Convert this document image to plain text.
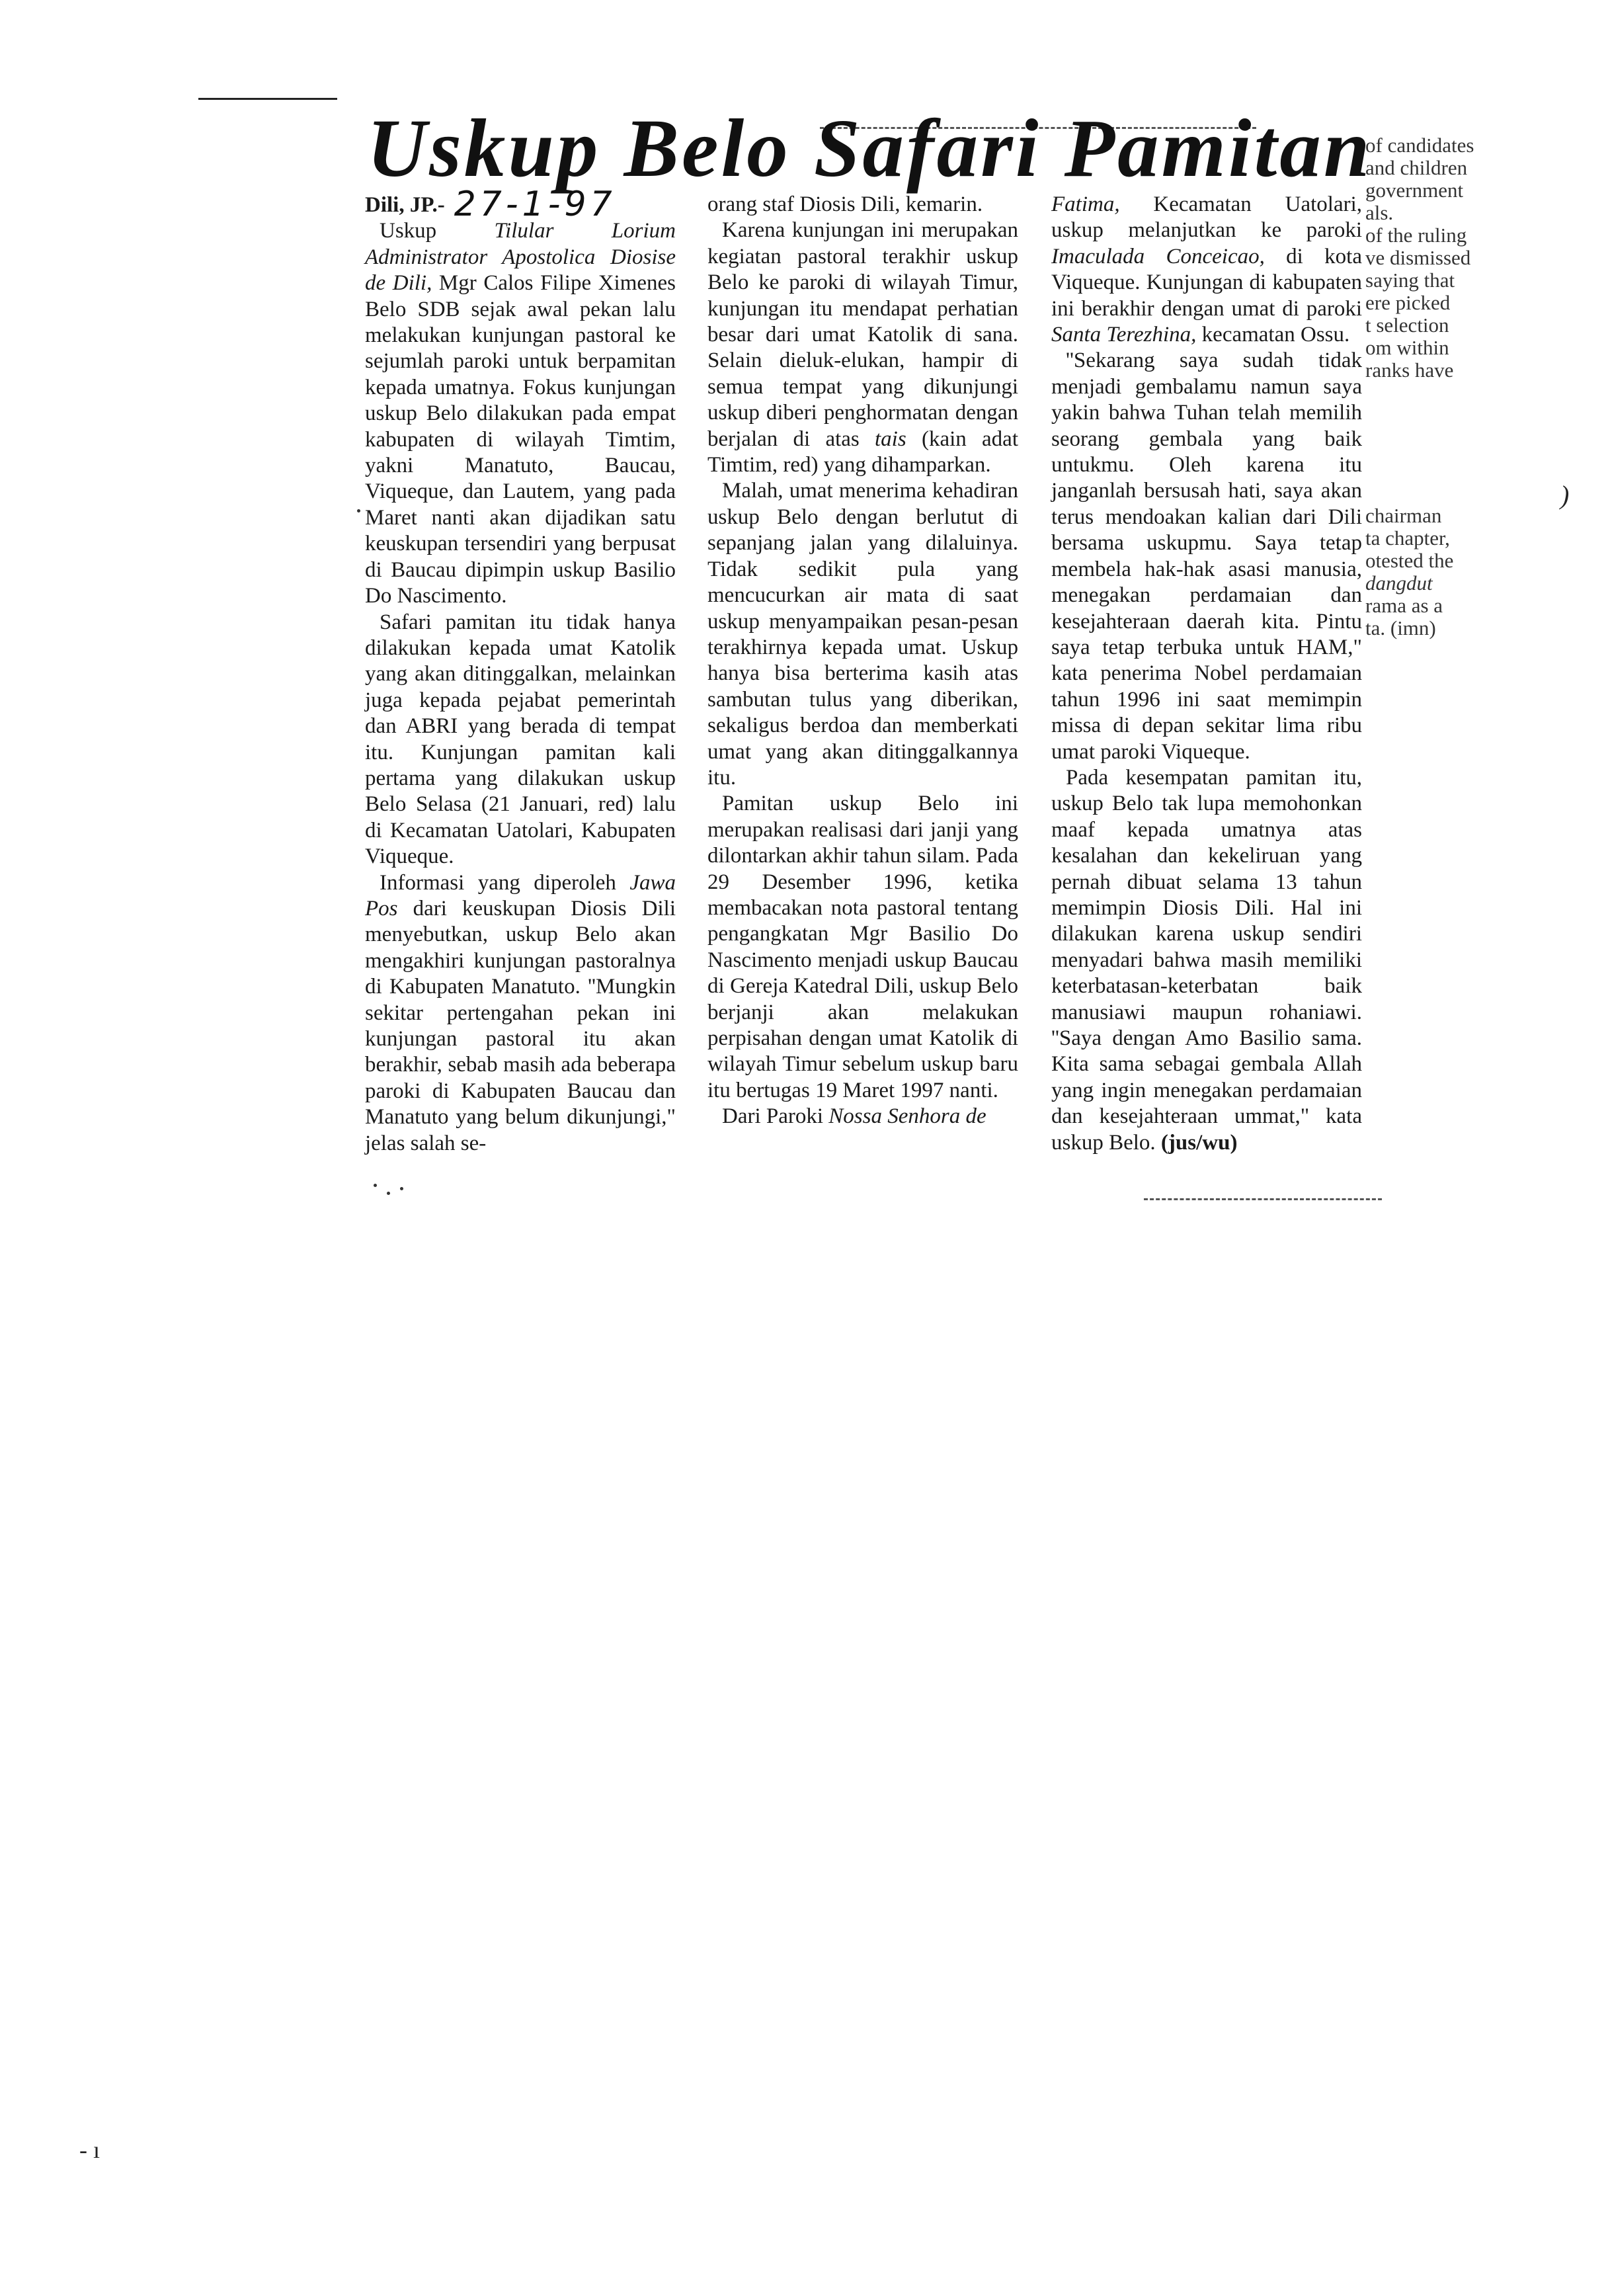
Uskup Belo Safari Pamitan
Dili, JP.- 27-1-97

Uskup Tilular Lorium Administrator Apostolica Diosise de Dili, Mgr Calos Filipe Ximenes Belo SDB sejak awal pekan lalu melakukan kunjungan pastoral ke sejumlah paroki untuk berpamitan kepada umatnya. Fokus kunjungan uskup Belo dilakukan pada empat kabupaten di wilayah Timtim, yakni Manatuto, Baucau, Viqueque, dan Lautem, yang pada Maret nanti akan dijadikan satu keuskupan tersendiri yang berpusat di Baucau dipimpin uskup Basilio Do Nascimento.

Safari pamitan itu tidak hanya dilakukan kepada umat Katolik yang akan ditinggalkan, melainkan juga kepada pejabat pemerintah dan ABRI yang berada di tempat itu. Kunjungan pamitan kali pertama yang dilakukan uskup Belo Selasa (21 Januari, red) lalu di Kecamatan Uatolari, Kabupaten Viqueque.

Informasi yang diperoleh Jawa Pos dari keuskupan Diosis Dili menyebutkan, uskup Belo akan mengakhiri kunjungan pastoralnya di Kabupaten Manatuto. ''Mungkin sekitar pertengahan pekan ini kunjungan pastoral itu akan berakhir, sebab masih ada beberapa paroki di Kabupaten Baucau dan Manatuto yang belum dikunjungi," jelas salah se-

orang staf Diosis Dili, kemarin.

Karena kunjungan ini merupakan kegiatan pastoral terakhir uskup Belo ke paroki di wilayah Timur, kunjungan itu mendapat perhatian besar dari umat Katolik di sana. Selain dieluk-elukan, hampir di semua tempat yang dikunjungi uskup diberi penghormatan dengan berjalan di atas tais (kain adat Timtim, red) yang dihamparkan.

Malah, umat menerima kehadiran uskup Belo dengan berlutut di sepanjang jalan yang dilaluinya. Tidak sedikit pula yang mencucurkan air mata di saat uskup menyampaikan pesan-pesan terakhirnya kepada umat. Uskup hanya bisa berterima kasih atas sambutan tulus yang diberikan, sekaligus berdoa dan memberkati umat yang akan ditinggalkannya itu.

Pamitan uskup Belo ini merupakan realisasi dari janji yang dilontarkan akhir tahun silam. Pada 29 Desember 1996, ketika membacakan nota pastoral tentang pengangkatan Mgr Basilio Do Nascimento menjadi uskup Baucau di Gereja Katedral Dili, uskup Belo berjanji akan melakukan perpisahan dengan umat Katolik di wilayah Timur sebelum uskup baru itu bertugas 19 Maret 1997 nanti.

Dari Paroki Nossa Senhora de

Fatima, Kecamatan Uatolari, uskup melanjutkan ke paroki Imaculada Conceicao, di kota Viqueque. Kunjungan di kabupaten ini berakhir dengan umat di paroki Santa Terezhina, kecamatan Ossu.

''Sekarang saya sudah tidak menjadi gembalamu namun saya yakin bahwa Tuhan telah memilih seorang gembala yang baik untukmu. Oleh karena itu janganlah bersusah hati, saya akan terus mendoakan kalian dari Dili bersama uskupmu. Saya tetap membela hak-hak asasi manusia, menegakan perdamaian dan kesejahteraan daerah kita. Pintu saya tetap terbuka untuk HAM," kata penerima Nobel perdamaian tahun 1996 ini saat memimpin missa di depan sekitar lima ribu umat paroki Viqueque.

Pada kesempatan pamitan itu, uskup Belo tak lupa memohonkan maaf kepada umatnya atas kesalahan dan kekeliruan yang pernah dibuat selama 13 tahun memimpin Diosis Dili. Hal ini dilakukan karena uskup sendiri menyadari bahwa masih memiliki keterbatasan-keterbatan baik manusiawi maupun rohaniawi. ''Saya dengan Amo Basilio sama. Kita sama sebagai gembala Allah yang ingin menegakan perdamaian dan kesejahteraan ummat," kata uskup Belo. (jus/wu)

of candidates
and children
government
als.
of the ruling
ve dismissed
saying that
ere picked
t selection
om within
ranks have

chairman
ta chapter,
otested the
dangdut
rama as a
ta. (imn)

)
- ı
